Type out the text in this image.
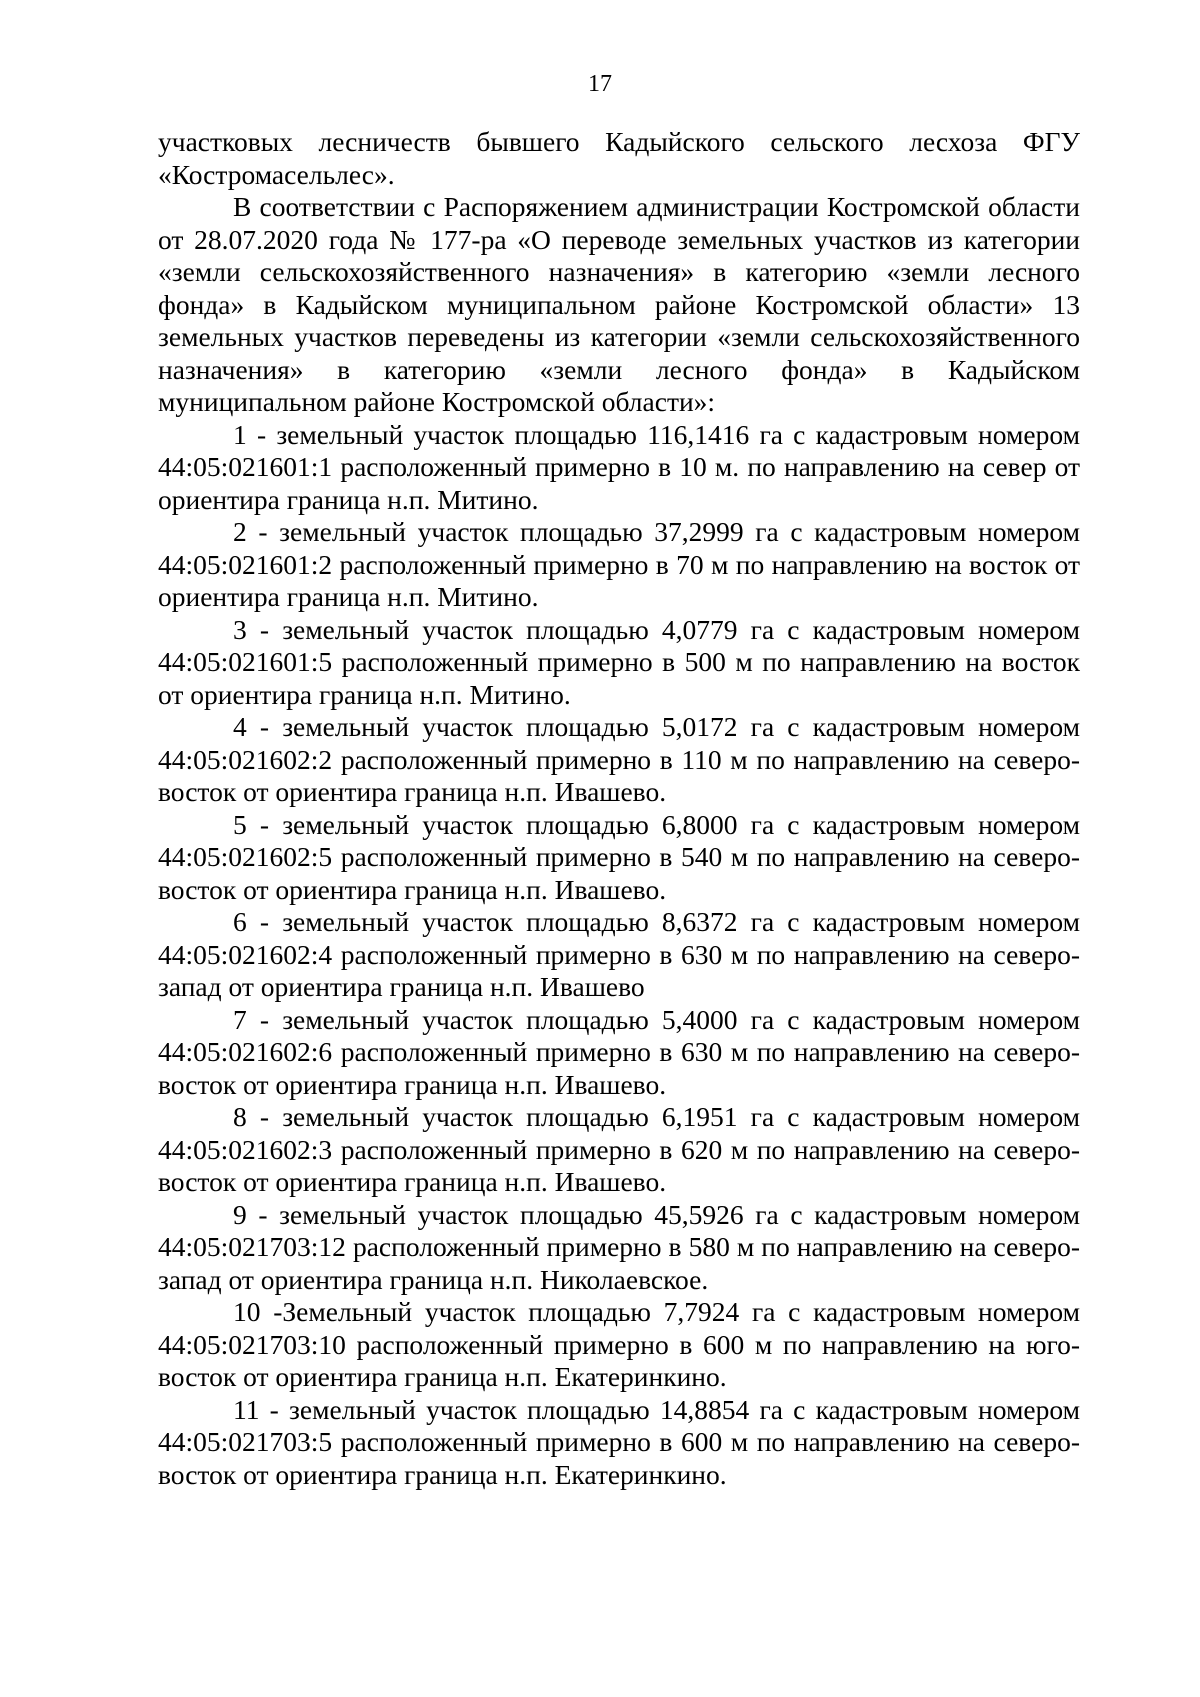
17

участковых лесничеств бывшего Кадыйского сельского лесхоза ФГУ «Костромасельлес».

В соответствии с Распоряжением администрации Костромской области от 28.07.2020 года № 177-ра «О переводе земельных участков из категории «земли сельскохозяйственного назначения» в категорию «земли лесного фонда» в Кадыйском муниципальном районе Костромской области» 13 земельных участков переведены из категории «земли сельскохозяйственного назначения» в категорию «земли лесного фонда» в Кадыйском муниципальном районе Костромской области»:

1 - земельный участок площадью 116,1416 га с кадастровым номером 44:05:021601:1 расположенный примерно в 10 м. по направлению на север от ориентира граница н.п. Митино.

2 - земельный участок площадью 37,2999 га с кадастровым номером 44:05:021601:2 расположенный примерно в 70 м по направлению на восток от ориентира граница н.п. Митино.

3 - земельный участок площадью 4,0779 га с кадастровым номером 44:05:021601:5 расположенный примерно в 500 м по направлению на восток от ориентира граница н.п. Митино.

4 - земельный участок площадью 5,0172 га с кадастровым номером 44:05:021602:2 расположенный примерно в 110 м по направлению на северо-восток от ориентира граница н.п. Ивашево.

5 - земельный участок площадью 6,8000 га с кадастровым номером 44:05:021602:5 расположенный примерно в 540 м по направлению на северо-восток от ориентира граница н.п. Ивашево.

6 - земельный участок площадью 8,6372 га с кадастровым номером 44:05:021602:4 расположенный примерно в 630 м по направлению на северо-запад от ориентира граница н.п. Ивашево

7 - земельный участок площадью 5,4000 га с кадастровым номером 44:05:021602:6 расположенный примерно в 630 м по направлению на северо-восток от ориентира граница н.п. Ивашево.

8 - земельный участок площадью 6,1951 га с кадастровым номером 44:05:021602:3 расположенный примерно в 620 м по направлению на северо-восток от ориентира граница н.п. Ивашево.

9 - земельный участок площадью 45,5926 га с кадастровым номером 44:05:021703:12 расположенный примерно в 580 м по направлению на северо-запад от ориентира граница н.п. Николаевское.

10 -Земельный участок площадью 7,7924 га с кадастровым номером 44:05:021703:10 расположенный примерно в 600 м по направлению на юго-восток от ориентира граница н.п. Екатеринкино.

11 - земельный участок площадью 14,8854 га с кадастровым номером 44:05:021703:5 расположенный примерно в 600 м по направлению на северо-восток от ориентира граница н.п. Екатеринкино.
